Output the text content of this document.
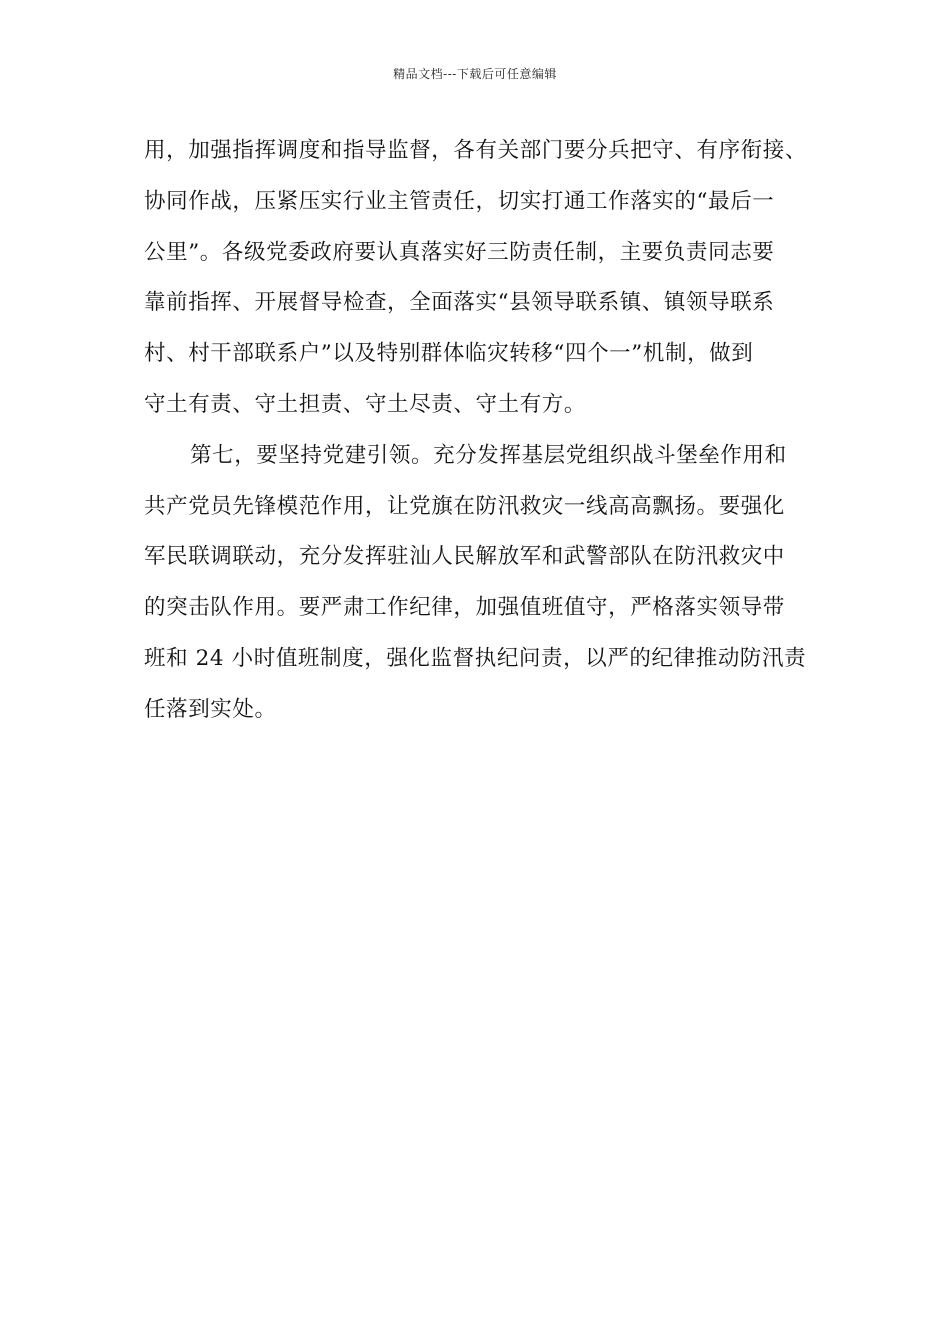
精品文档---下载后可任意编辑
用，加强指挥调度和指导监督，各有关部门要分兵把守、有序衔接、
协同作战，压紧压实行业主管责任，切实打通工作落实的“最后一
公里”。各级党委政府要认真落实好三防责任制，主要负责同志要
靠前指挥、开展督导检查，全面落实“县领导联系镇、镇领导联系
村、村干部联系户”以及特别群体临灾转移“四个一”机制，做到
守土有责、守土担责、守土尽责、守土有方。
第七，要坚持党建引领。充分发挥基层党组织战斗堡垒作用和
共产党员先锋模范作用，让党旗在防汛救灾一线高高飘扬。要强化
军民联调联动，充分发挥驻汕人民解放军和武警部队在防汛救灾中
的突击队作用。要严肃工作纪律，加强值班值守，严格落实领导带
班和 24 小时值班制度，强化监督执纪问责，以严的纪律推动防汛责
任落到实处。
